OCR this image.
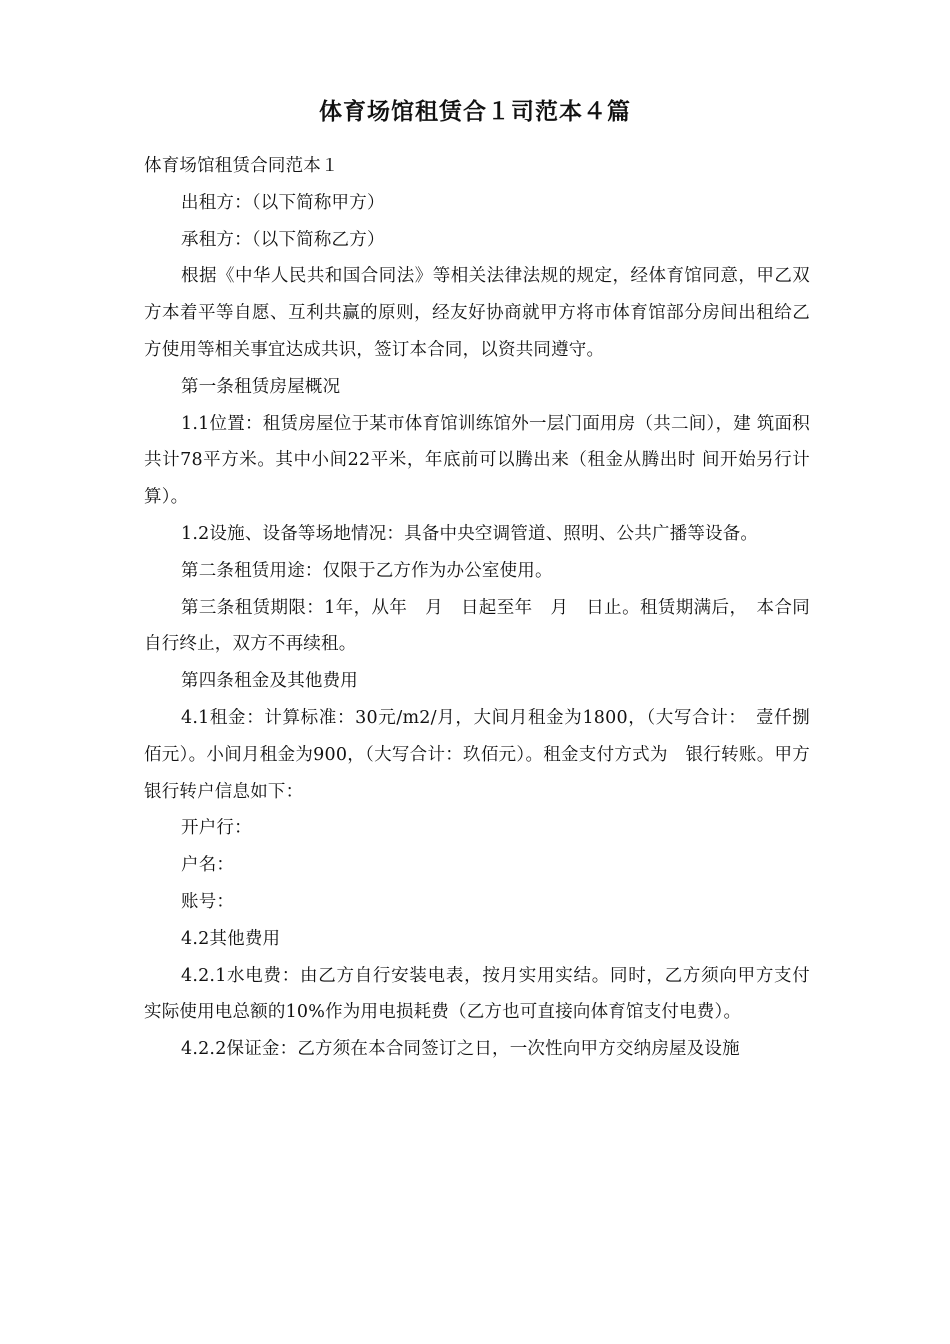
体育场馆租赁合１司范本４篇

体育场馆租赁合同范本１

出租方：（以下简称甲方）

承租方：（以下简称乙方）

根据《中华人民共和国合同法》等相关法律法规的规定，经体育馆同意，甲乙双方本着平等自愿、互利共赢的原则，经友好协商就甲方将市体育馆部分房间出租给乙方使用等相关事宜达成共识，签订本合同，以资共同遵守。

第一条租赁房屋概况

1.1位置：租赁房屋位于某市体育馆训练馆外一层门面用房（共二间），建 筑面积共计78平方米。其中小间22平米，年底前可以腾出来（租金从腾出时 间开始另行计算）。

1.2设施、设备等场地情况：具备中央空调管道、照明、公共广播等设备。

第二条租赁用途：仅限于乙方作为办公室使用。

第三条租赁期限：1年，从年　月　日起至年　月　日止。租赁期满后，　本合同自行终止，双方不再续租。

第四条租金及其他费用

4.1租金：计算标准：30元/m2/月，大间月租金为1800，（大写合计：　壹仟捌佰元）。小间月租金为900，（大写合计：玖佰元）。租金支付方式为　银行转账。甲方银行转户信息如下：

开户行：

户名：

账号：

4.2其他费用

4.2.1水电费：由乙方自行安装电表，按月实用实结。同时，乙方须向甲方支付实际使用电总额的10%作为用电损耗费（乙方也可直接向体育馆支付电费）。

4.2.2保证金：乙方须在本合同签订之日，一次性向甲方交纳房屋及设施
